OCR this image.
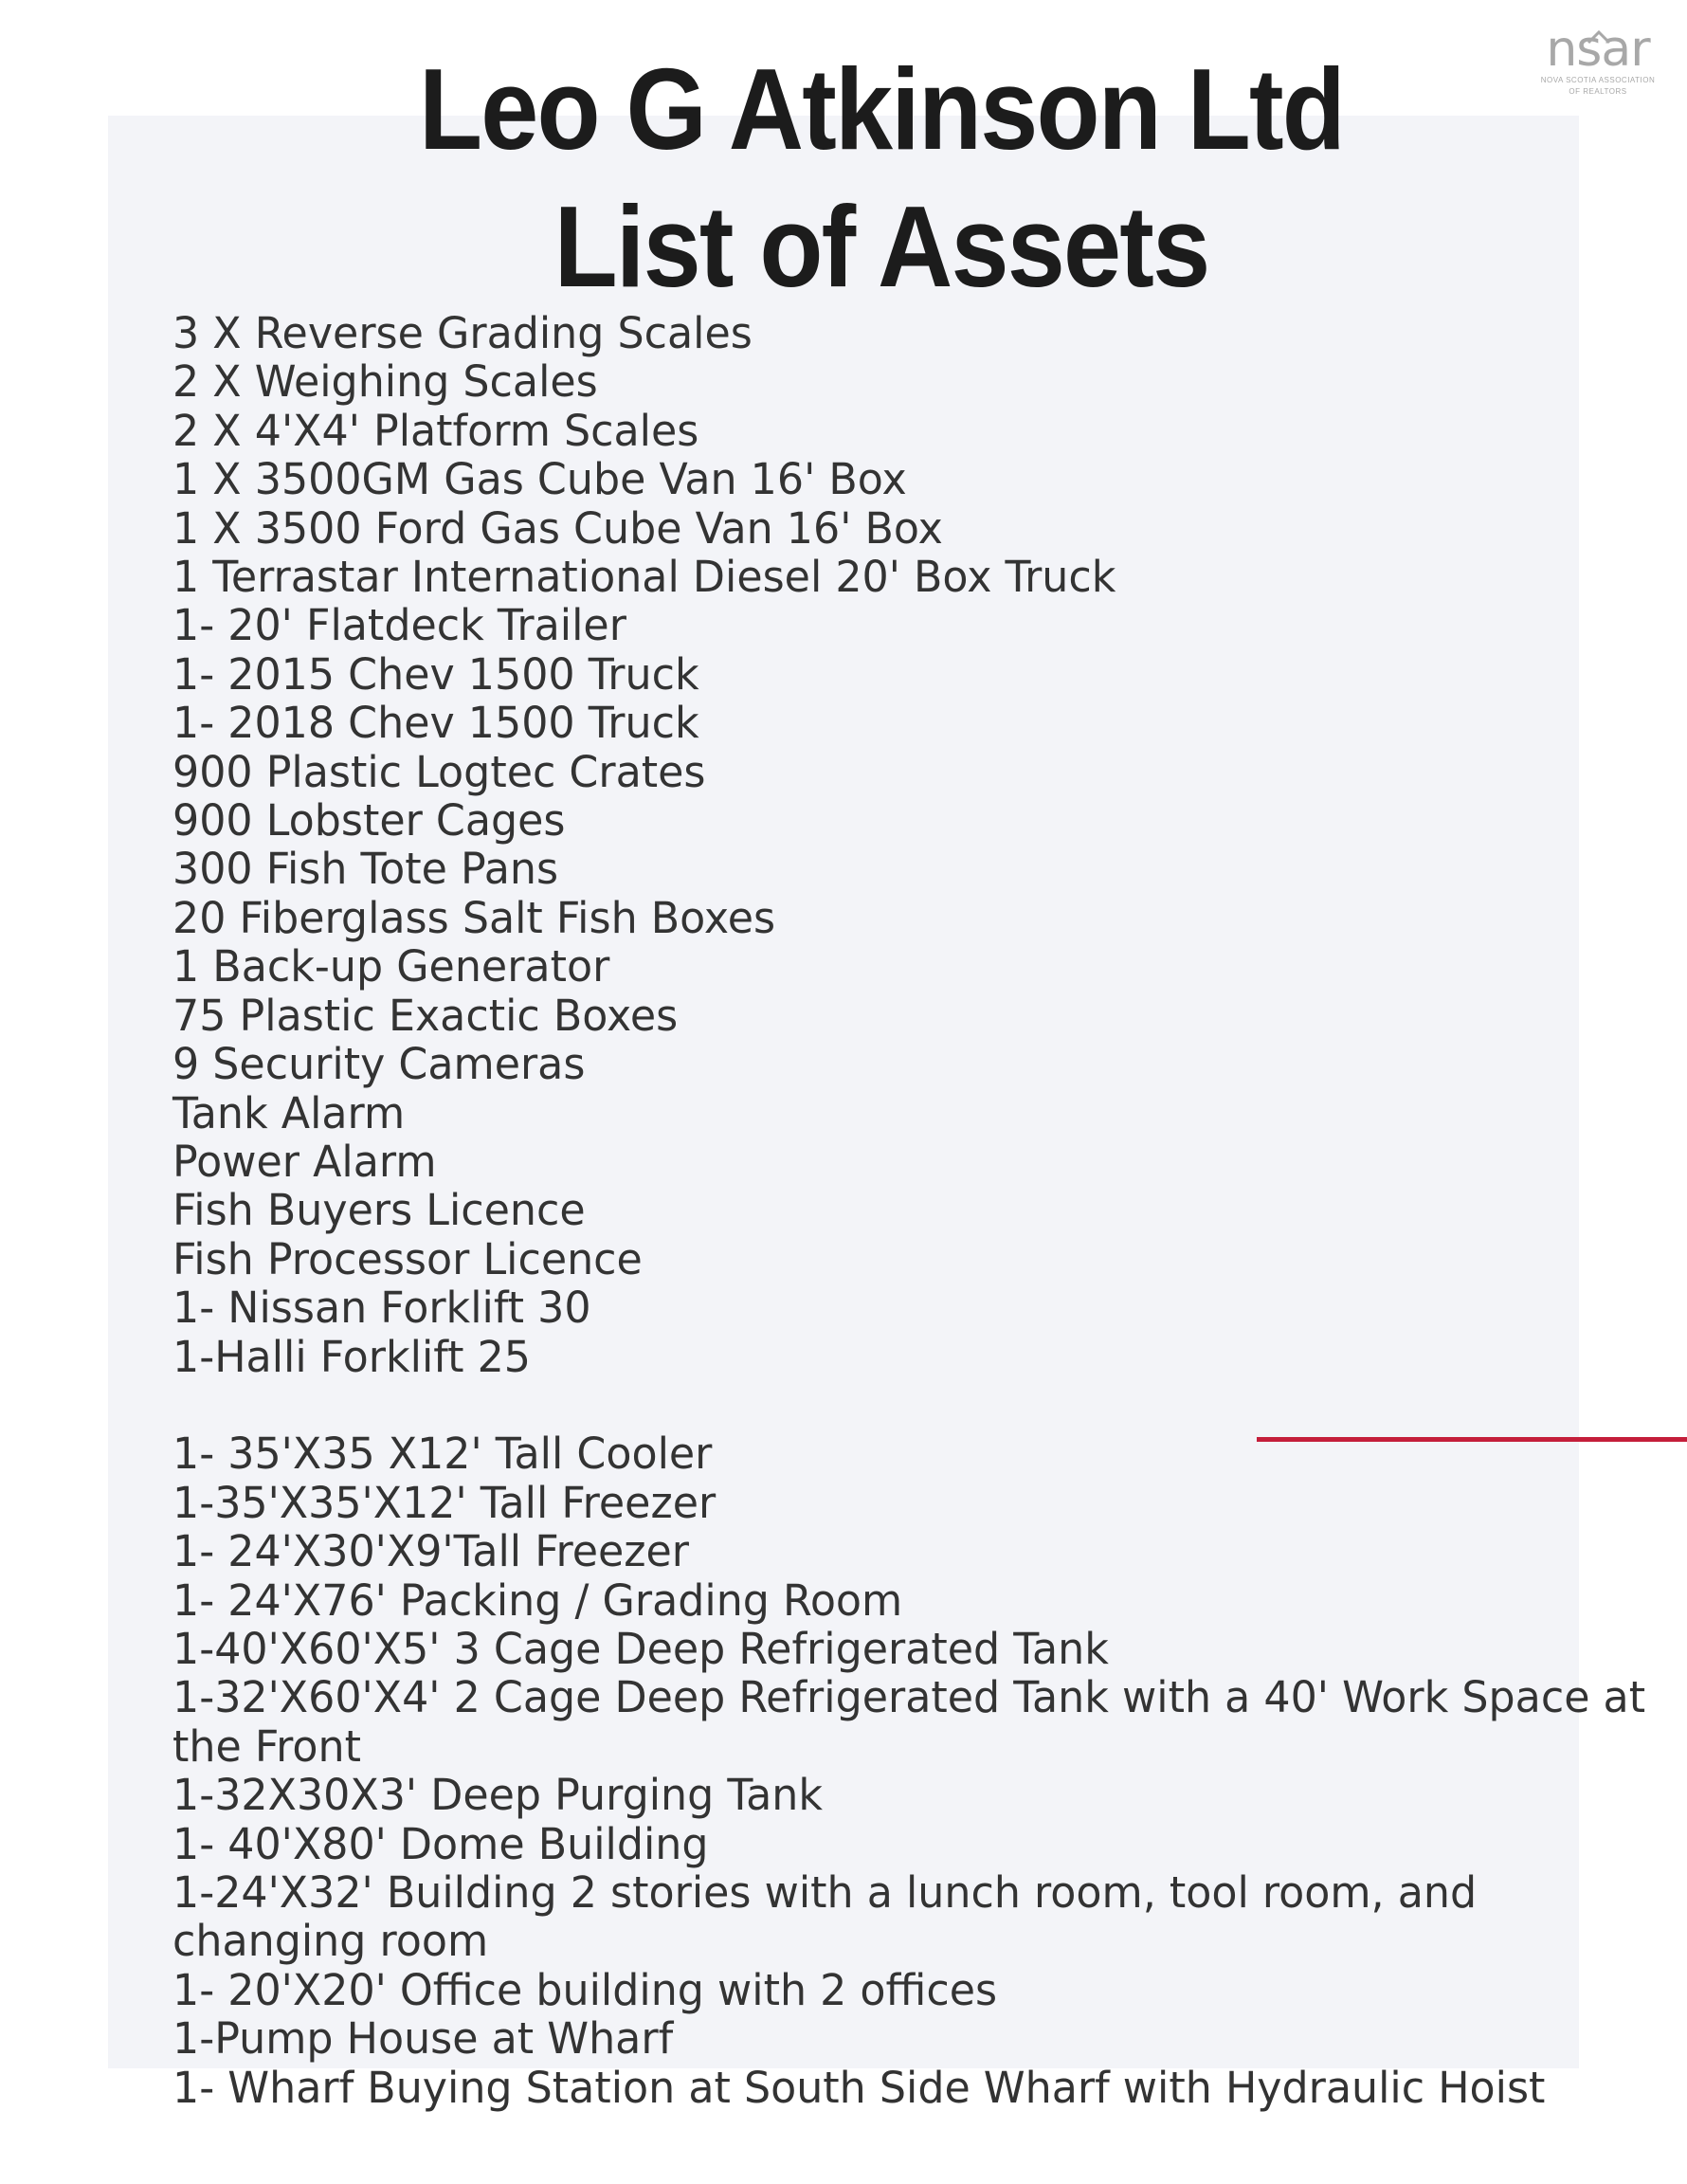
nsar
NOVA SCOTIA ASSOCIATION
OF REALTORS
Leo G Atkinson Ltd
List of Assets
3 X Reverse Grading Scales
2 X Weighing Scales
2 X 4'X4' Platform Scales
1 X 3500GM Gas Cube Van 16' Box
1 X 3500 Ford Gas Cube Van 16' Box
1 Terrastar International Diesel 20' Box Truck
1- 20' Flatdeck Trailer
1- 2015 Chev 1500 Truck
1- 2018 Chev 1500 Truck
900 Plastic Logtec Crates
900 Lobster Cages
300 Fish Tote Pans
20 Fiberglass Salt Fish Boxes
1 Back-up Generator
75 Plastic Exactic Boxes
9 Security Cameras
Tank Alarm
Power Alarm
Fish Buyers Licence
Fish Processor Licence
1- Nissan Forklift 30
1-Halli Forklift 25
1- 35'X35 X12' Tall Cooler
1-35'X35'X12' Tall Freezer
1- 24'X30'X9'Tall Freezer
1- 24'X76' Packing / Grading Room
1-40'X60'X5' 3 Cage Deep Refrigerated Tank
1-32'X60'X4' 2 Cage Deep Refrigerated Tank with a 40' Work Space at the Front
1-32X30X3' Deep Purging Tank
1- 40'X80' Dome Building
1-24'X32' Building 2 stories with a lunch room, tool room, and changing room
1- 20'X20' Office building with 2 offices
1-Pump House at Wharf
1- Wharf Buying Station at South Side Wharf with Hydraulic Hoist
